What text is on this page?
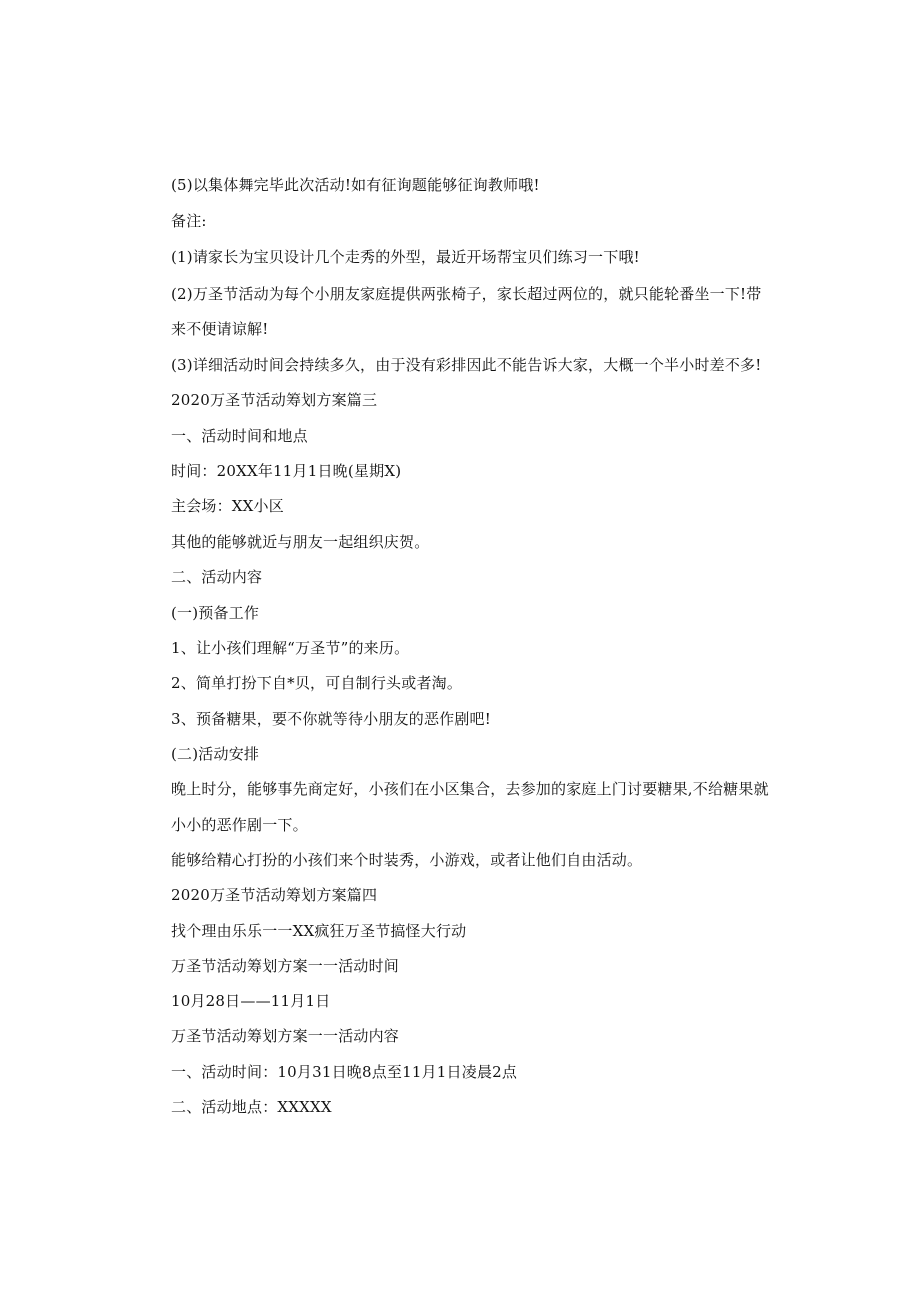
(5)以集体舞完毕此次活动!如有征询题能够征询教师哦!
备注:
(1)请家长为宝贝设计几个走秀的外型，最近开场帮宝贝们练习一下哦!
(2)万圣节活动为每个小朋友家庭提供两张椅子，家长超过两位的，就只能轮番坐一下!带
来不便请谅解!
(3)详细活动时间会持续多久，由于没有彩排因此不能告诉大家，大概一个半小时差不多!
2020万圣节活动筹划方案篇三
一、活动时间和地点
时间：20XX年11月1日晚(星期X)
主会场：XX小区
其他的能够就近与朋友一起组织庆贺。
二、活动内容
(一)预备工作
1、让小孩们理解“万圣节”的来历。
2、简单打扮下自*贝，可自制行头或者淘。
3、预备糖果，要不你就等待小朋友的恶作剧吧!
(二)活动安排
晚上时分，能够事先商定好，小孩们在小区集合，去参加的家庭上门讨要糖果,不给糖果就
小小的恶作剧一下。
能够给精心打扮的小孩们来个时装秀，小游戏，或者让他们自由活动。
2020万圣节活动筹划方案篇四
找个理由乐乐一一XX疯狂万圣节搞怪大行动
万圣节活动筹划方案一一活动时间
10月28日——11月1日
万圣节活动筹划方案一一活动内容
一、活动时间：10月31日晚8点至11月1日凌晨2点
二、活动地点：XXXXX
